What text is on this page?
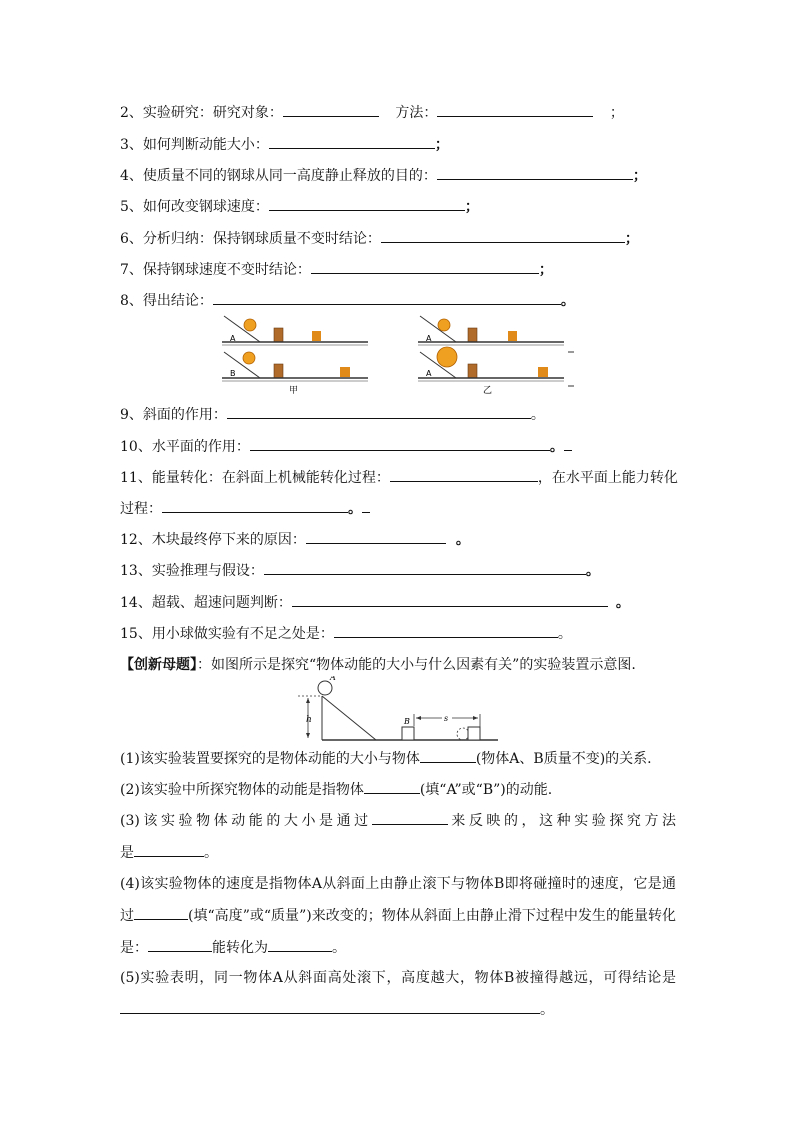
2、实验研究：研究对象：	方法：	；
3、如何判断动能大小：	；
4、使质量不同的钢球从同一高度静止释放的目的：	；
5、如何改变钢球速度：	；
6、分析归纳：保持钢球质量不变时结论：	；
7、保持钢球速度不变时结论：	；
8、得出结论：	。
A
B
甲
A
A
乙
9、斜面的作用：	。
10、水平面的作用：	。
11、能量转化：在斜面上机械能转化过程：	，在水平面上能力转化
过程：	。
12、木块最终停下来的原因：	。
13、实验推理与假设：	。
14、超载、超速问题判断：	。
15、用小球做实验有不足之处是：	。
【创新母题】：如图所示是探究“物体动能的大小与什么因素有关”的实验装置示意图.
h
A
B	s
(1)该实验装置要探究的是物体动能的大小与物体	(物体A、B质量不变)的关系.
(2)该实验中所探究物体的动能是指物体	(填“A”或“B”)的动能.
(3)该实验物体动能的大小是通过	来反映的，这种实验探究方法
是	。
(4)该实验物体的速度是指物体A从斜面上由静止滚下与物体B即将碰撞时的速度，它是通
过	(填“高度”或“质量”)来改变的；物体从斜面上由静止滑下过程中发生的能量转化
是：	能转化为	。
(5)实验表明，同一物体A从斜面高处滚下，高度越大，物体B被撞得越远，可得结论是
。
